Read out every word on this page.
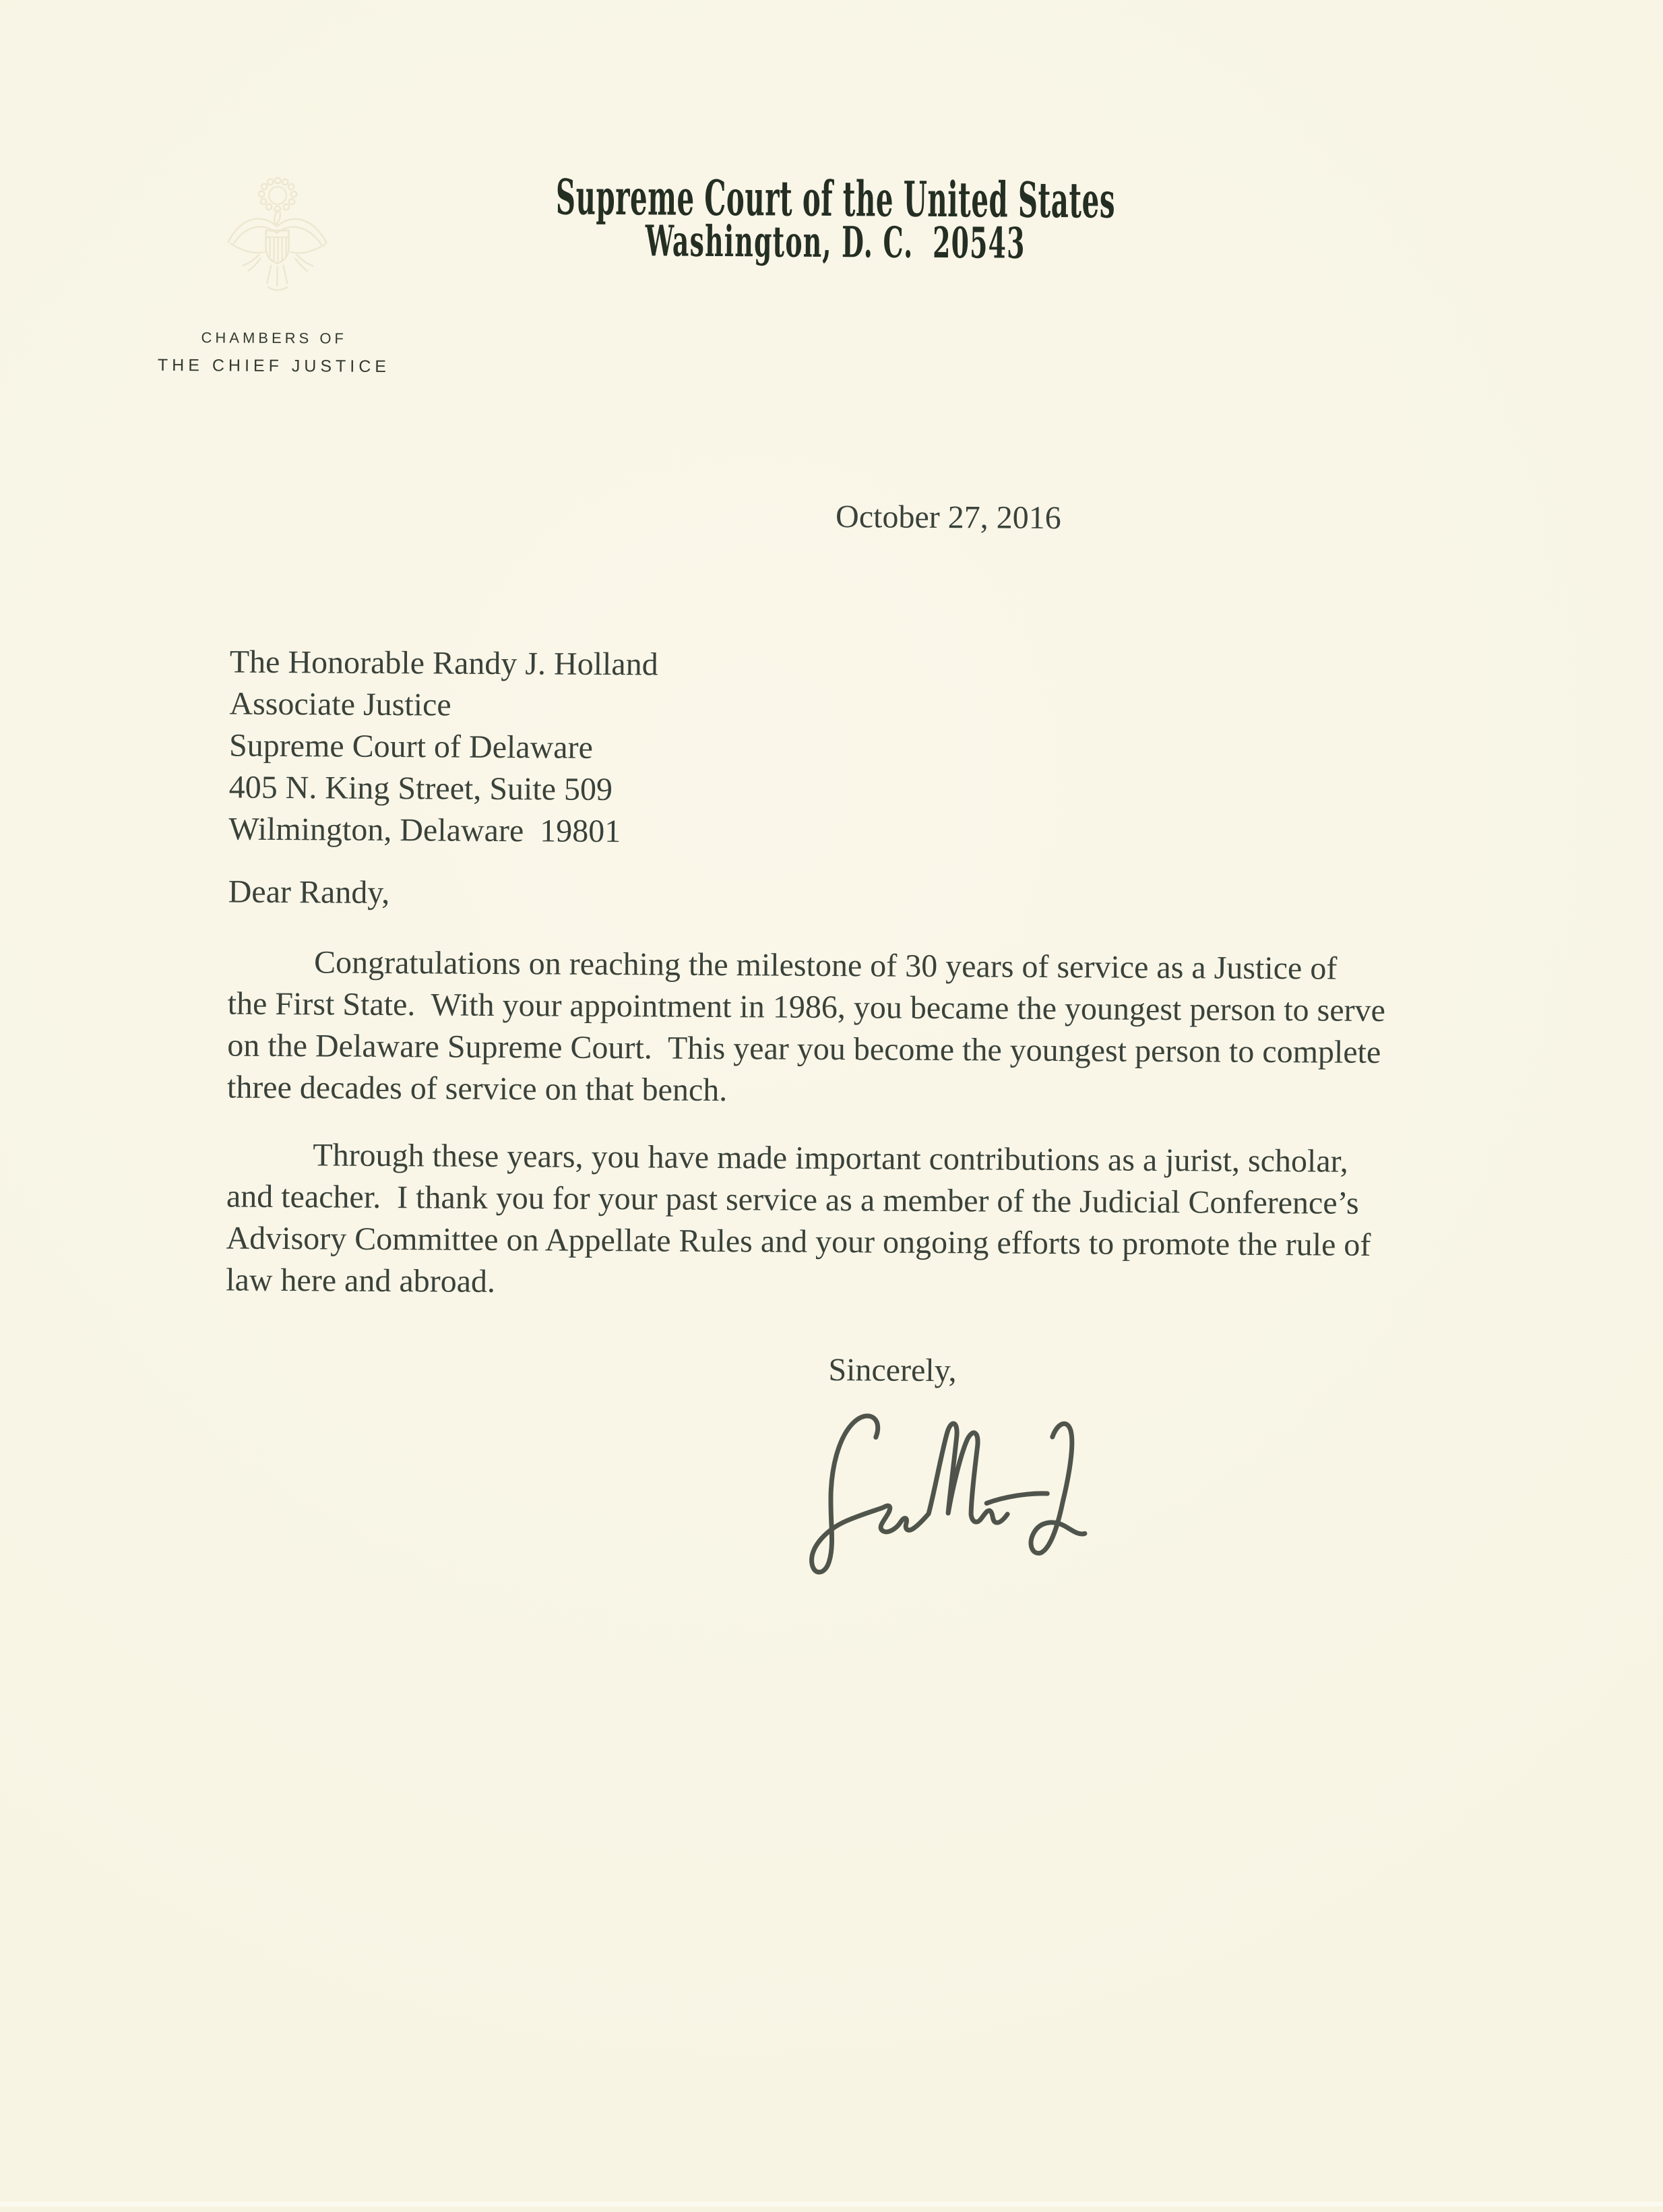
Supreme Court of the United States
Washington, D. C.  20543
CHAMBERS OF
THE CHIEF JUSTICE
October 27, 2016
The Honorable Randy J. Holland
Associate Justice
Supreme Court of Delaware
405 N. King Street, Suite 509
Wilmington, Delaware  19801
Dear Randy,
Congratulations on reaching the milestone of 30 years of service as a Justice of
the First State.  With your appointment in 1986, you became the youngest person to serve
on the Delaware Supreme Court.  This year you become the youngest person to complete
three decades of service on that bench.
Through these years, you have made important contributions as a jurist, scholar,
and teacher.  I thank you for your past service as a member of the Judicial Conference’s
Advisory Committee on Appellate Rules and your ongoing efforts to promote the rule of
law here and abroad.
Sincerely,
